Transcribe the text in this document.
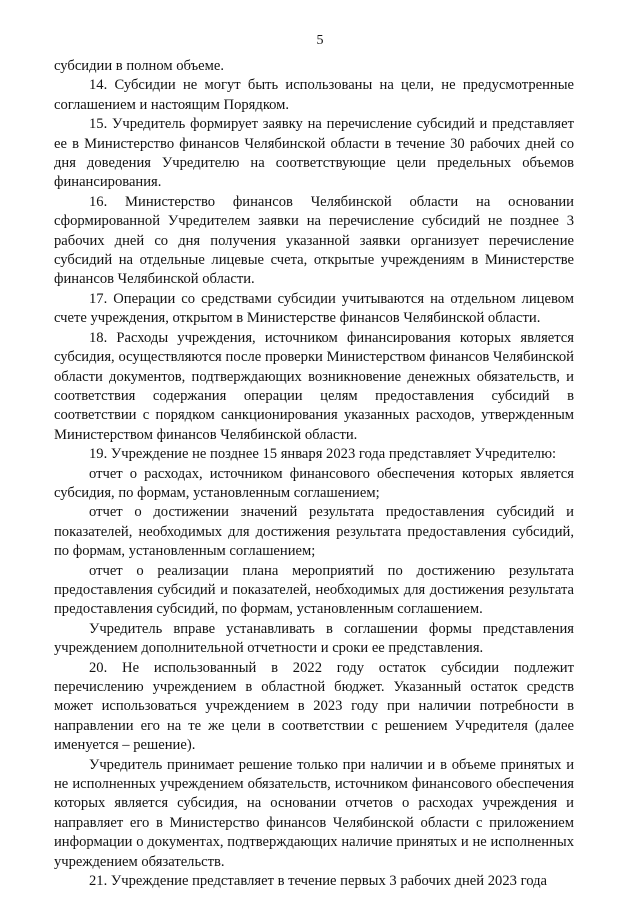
5

субсидии в полном объеме.

14. Субсидии не могут быть использованы на цели, не предусмотренные соглашением и настоящим Порядком.

15. Учредитель формирует заявку на перечисление субсидий и представляет ее в Министерство финансов Челябинской области в течение 30 рабочих дней со дня доведения Учредителю на соответствующие цели предельных объемов финансирования.

16. Министерство финансов Челябинской области на основании сформированной Учредителем заявки на перечисление субсидий не позднее 3 рабочих дней со дня получения указанной заявки организует перечисление субсидий на отдельные лицевые счета, открытые учреждениям в Министерстве финансов Челябинской области.

17. Операции со средствами субсидии учитываются на отдельном лицевом счете учреждения, открытом в Министерстве финансов Челябинской области.

18. Расходы учреждения, источником финансирования которых является субсидия, осуществляются после проверки Министерством финансов Челябинской области документов, подтверждающих возникновение денежных обязательств, и соответствия содержания операции целям предоставления субсидий в соответствии с порядком санкционирования указанных расходов, утвержденным Министерством финансов Челябинской области.

19. Учреждение не позднее 15 января 2023 года представляет Учредителю:

отчет о расходах, источником финансового обеспечения которых является субсидия, по формам, установленным соглашением;

отчет о достижении значений результата предоставления субсидий и показателей, необходимых для достижения результата предоставления субсидий, по формам, установленным соглашением;

отчет о реализации плана мероприятий по достижению результата предоставления субсидий и показателей, необходимых для достижения результата предоставления субсидий, по формам, установленным соглашением.

Учредитель вправе устанавливать в соглашении формы представления учреждением дополнительной отчетности и сроки ее представления.

20. Не использованный в 2022 году остаток субсидии подлежит перечислению учреждением в областной бюджет. Указанный остаток средств может использоваться учреждением в 2023 году при наличии потребности в направлении его на те же цели в соответствии с решением Учредителя (далее именуется – решение).

Учредитель принимает решение только при наличии и в объеме принятых и не исполненных учреждением обязательств, источником финансового обеспечения которых является субсидия, на основании отчетов о расходах учреждения и направляет его в Министерство финансов Челябинской области с приложением информации о документах, подтверждающих наличие принятых и не исполненных учреждением обязательств.

21. Учреждение представляет в течение первых 3 рабочих дней 2023 года
